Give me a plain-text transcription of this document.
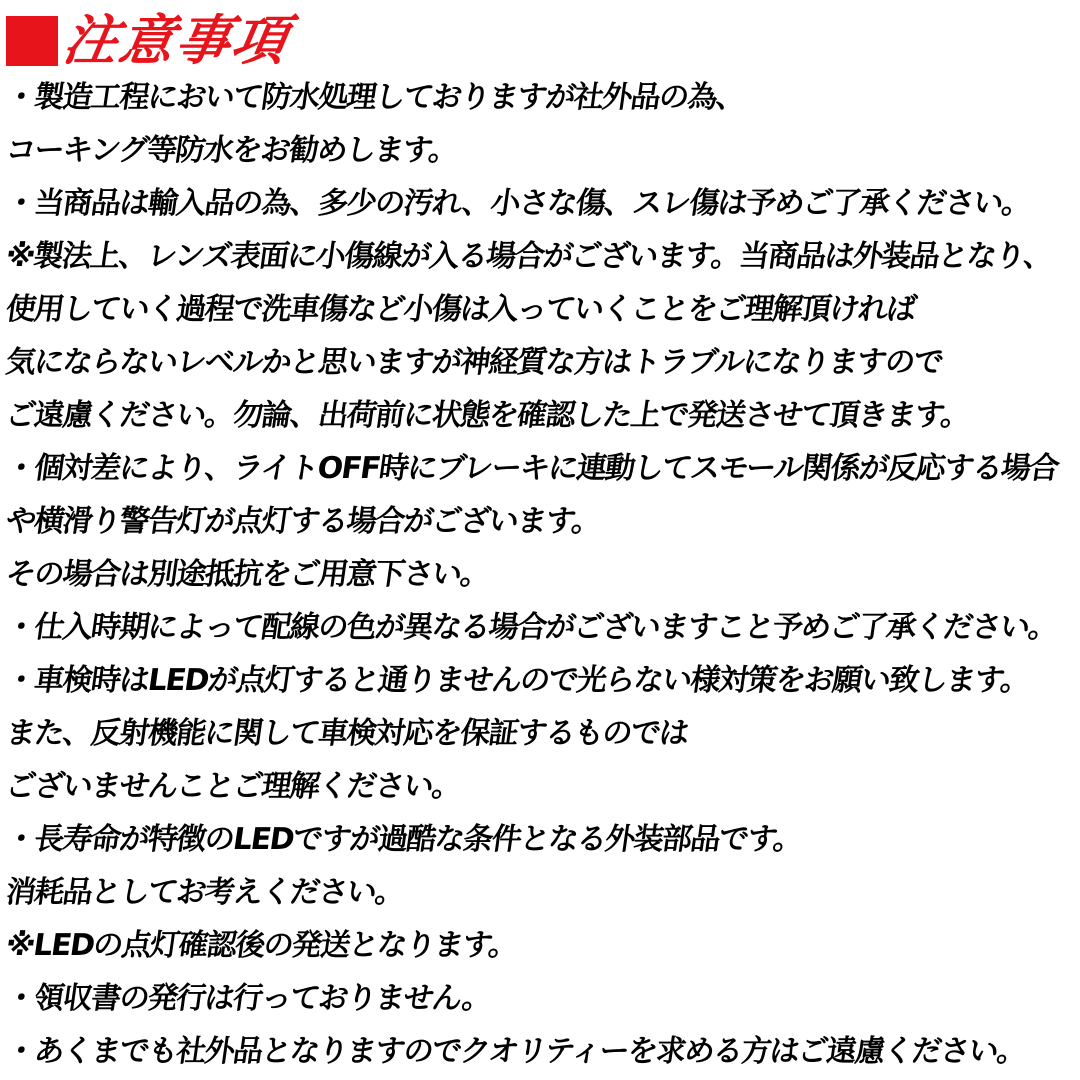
注意事項
・製造工程において防水処理しておりますが社外品の為、
コーキング等防水をお勧めします。
・当商品は輸入品の為、多少の汚れ、小さな傷、スレ傷は予めご了承ください。
※製法上、レンズ表面に小傷線が入る場合がございます。当商品は外装品となり、
使用していく過程で洗車傷など小傷は入っていくことをご理解頂ければ
気にならないレベルかと思いますが神経質な方はトラブルになりますので
ご遠慮ください。勿論、出荷前に状態を確認した上で発送させて頂きます。
・個対差により、ライトOFF時にブレーキに連動してスモール関係が反応する場合
や横滑り警告灯が点灯する場合がございます。
その場合は別途抵抗をご用意下さい。
・仕入時期によって配線の色が異なる場合がございますこと予めご了承ください。
・車検時はLEDが点灯すると通りませんので光らない様対策をお願い致します。
また、反射機能に関して車検対応を保証するものでは
ございませんことご理解ください。
・長寿命が特徴のLEDですが過酷な条件となる外装部品です。
消耗品としてお考えください。
※LEDの点灯確認後の発送となります。
・領収書の発行は行っておりません。
・あくまでも社外品となりますのでクオリティーを求める方はご遠慮ください。
